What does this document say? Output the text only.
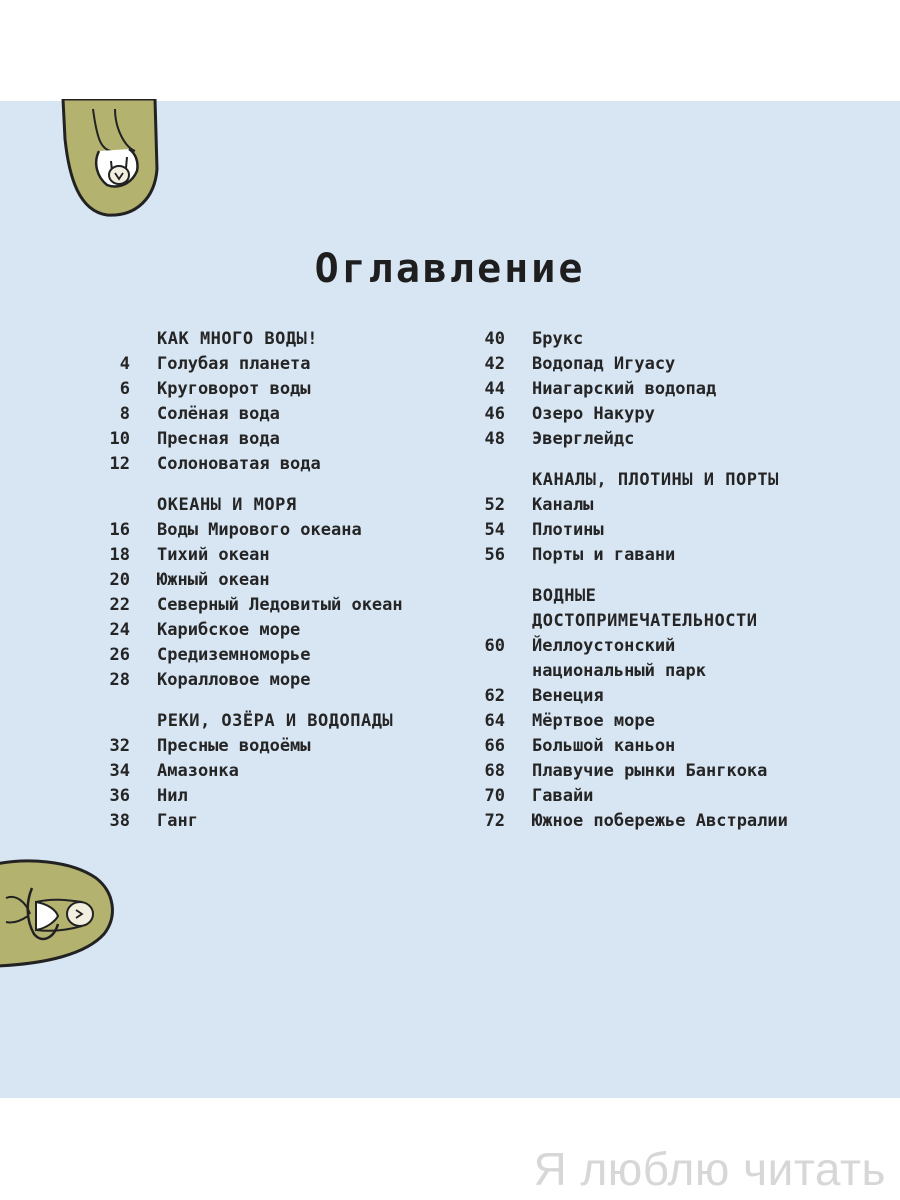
Оглавление
КАК МНОГО ВОДЫ!
4 Голубая планета
6 Круговорот воды
8 Солёная вода
10 Пресная вода
12 Солоноватая вода
ОКЕАНЫ И МОРЯ
16 Воды Мирового океана
18 Тихий океан
20 Южный океан
22 Северный Ледовитый океан
24 Карибское море
26 Средиземноморье
28 Коралловое море
РЕКИ, ОЗЁРА И ВОДОПАДЫ
32 Пресные водоёмы
34 Амазонка
36 Нил
38 Ганг
40 Брукс
42 Водопад Игуасу
44 Ниагарский водопад
46 Озеро Накуру
48 Эверглейдс
КАНАЛЫ, ПЛОТИНЫ И ПОРТЫ
52 Каналы
54 Плотины
56 Порты и гавани
ВОДНЫЕ ДОСТОПРИМЕЧАТЕЛЬНОСТИ
60 Йеллоустонский национальный парк
62 Венеция
64 Мёртвое море
66 Большой каньон
68 Плавучие рынки Бангкока
70 Гавайи
72 Южное побережье Австралии
Я люблю читать
